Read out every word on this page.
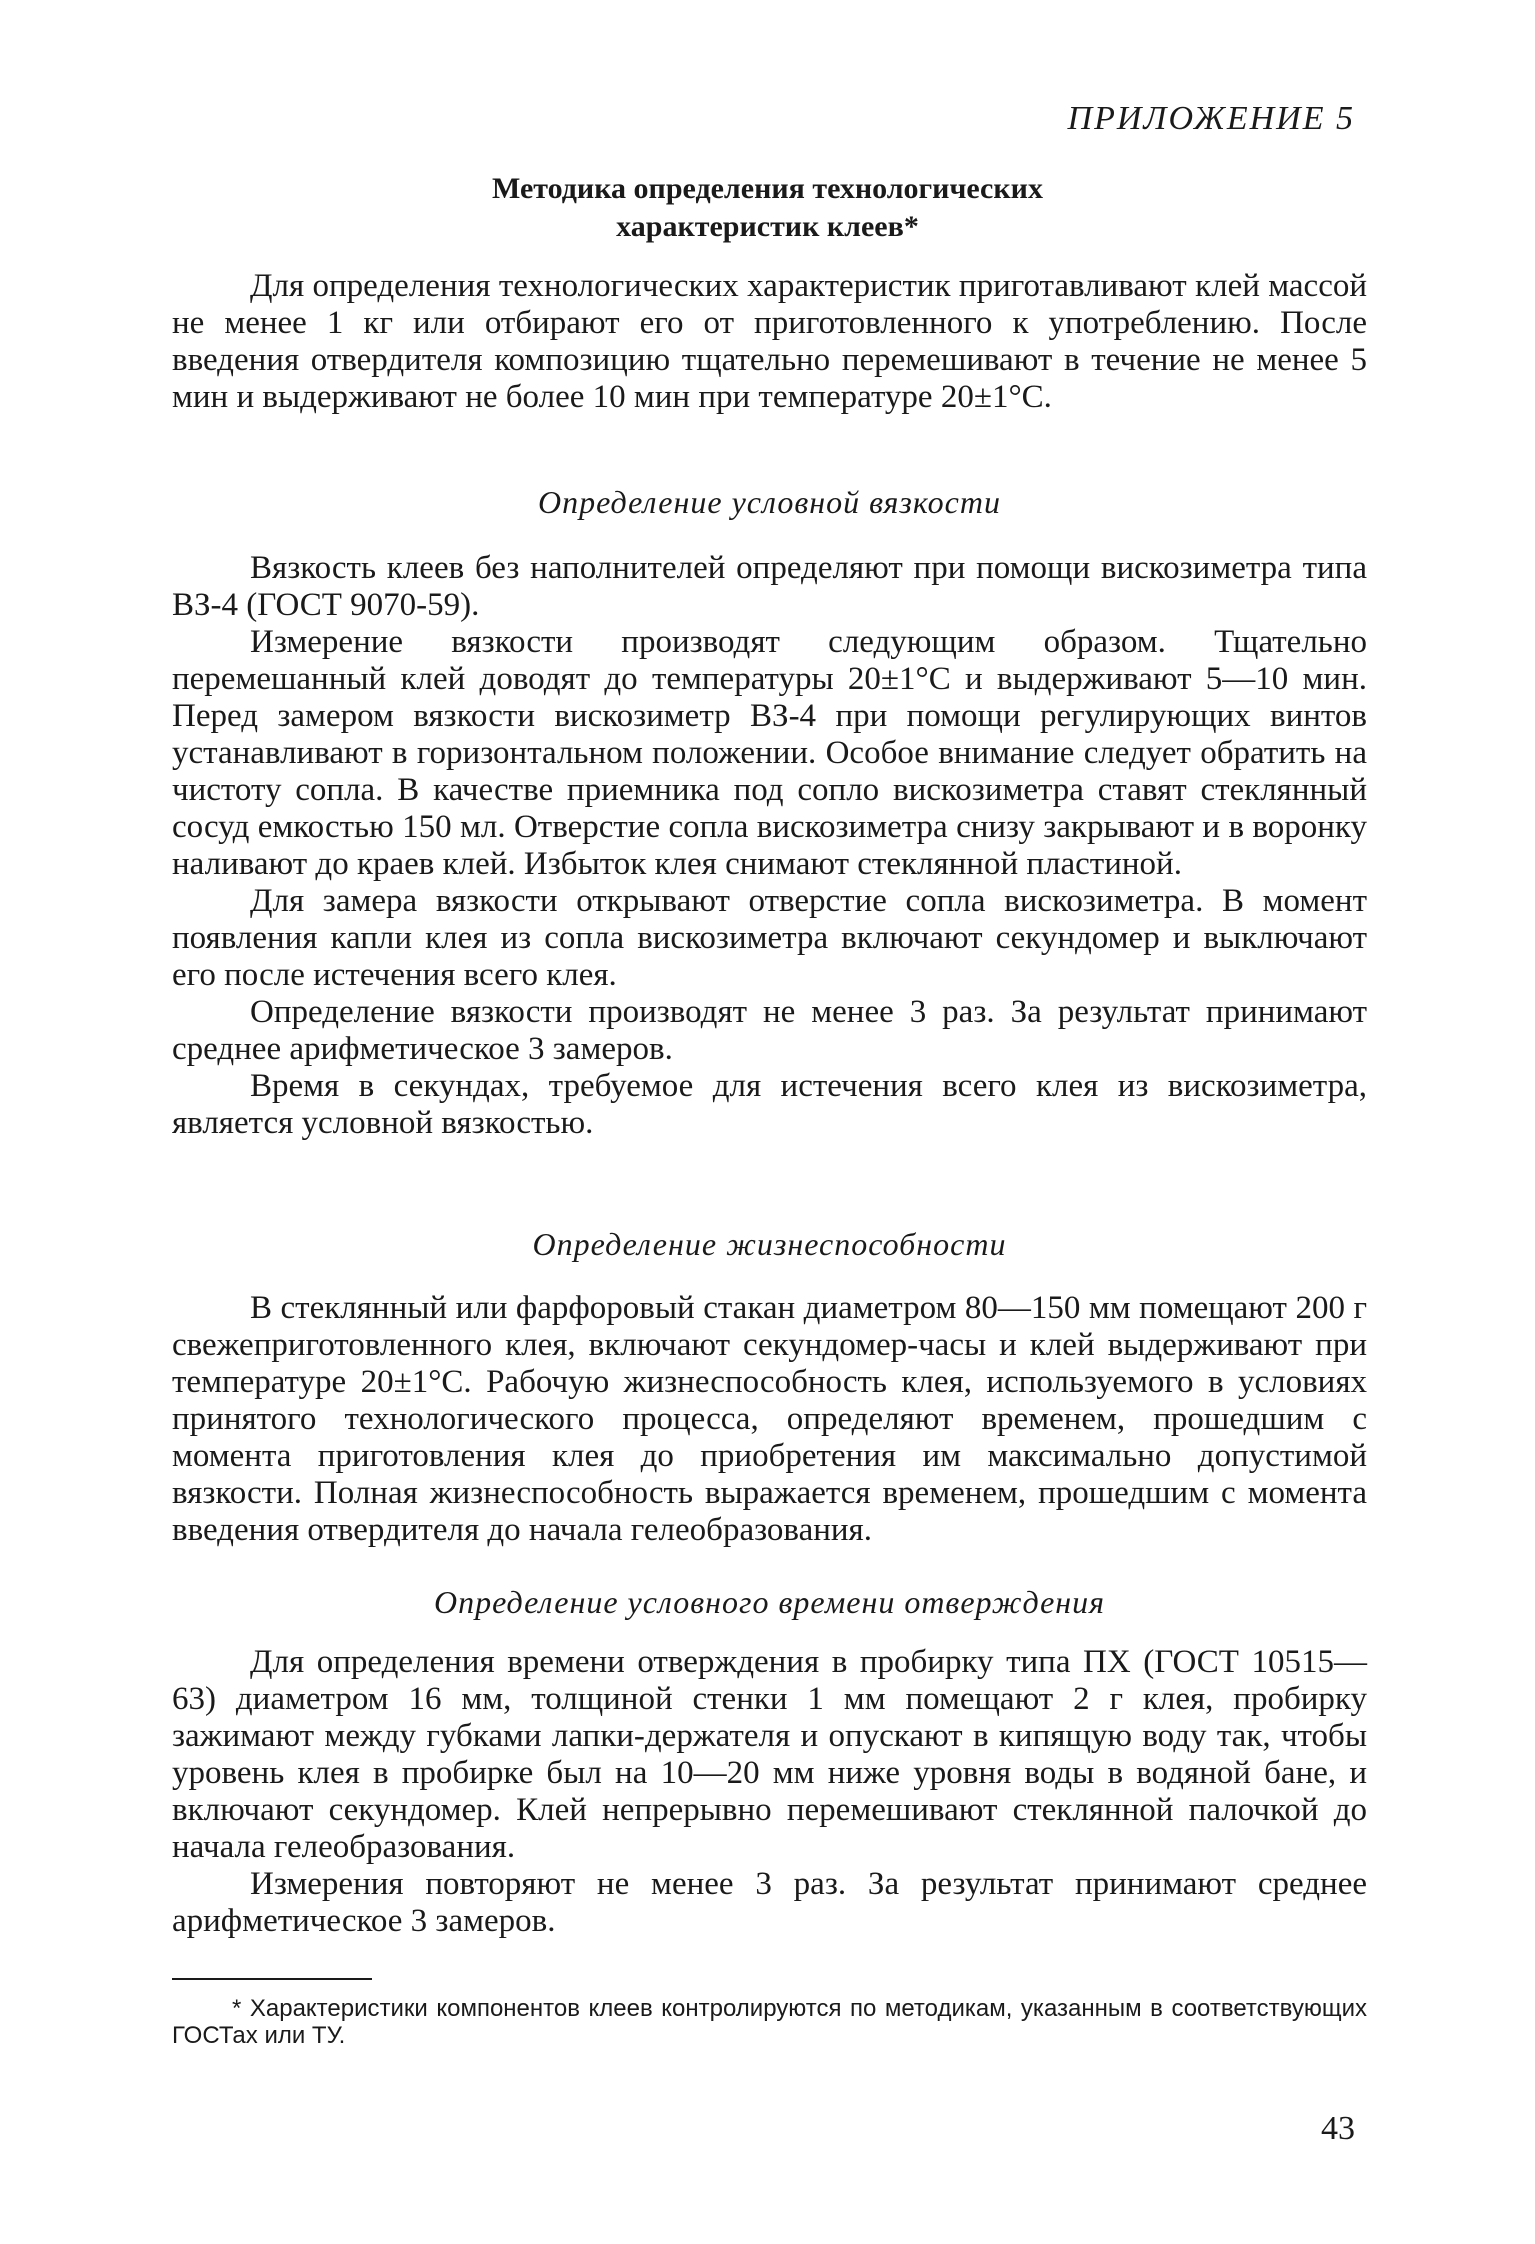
ПРИЛОЖЕНИЕ 5
Методика определения технологических
характеристик клеев*

Для определения технологических характеристик приготавливают клей массой не менее 1 кг или отбирают его от приготовленного к употреблению. После введения отвердителя композицию тщательно перемешивают в течение не менее 5 мин и выдерживают не более 10 мин при температуре 20±1°С.

Определение условной вязкости

Вязкость клеев без наполнителей определяют при помощи вискозиметра типа ВЗ-4 (ГОСТ 9070-59).

Измерение вязкости производят следующим образом. Тщательно перемешанный клей доводят до температуры 20±1°С и выдерживают 5—10 мин. Перед замером вязкости вискозиметр ВЗ-4 при помощи регулирующих винтов устанавливают в горизонтальном положении. Особое внимание следует обратить на чистоту сопла. В качестве приемника под сопло вискозиметра ставят стеклянный сосуд емкостью 150 мл. Отверстие сопла вискозиметра снизу закрывают и в воронку наливают до краев клей. Избыток клея снимают стеклянной пластиной.

Для замера вязкости открывают отверстие сопла вискозиметра. В момент появления капли клея из сопла вискозиметра включают секундомер и выключают его после истечения всего клея.

Определение вязкости производят не менее 3 раз. За результат принимают среднее арифметическое 3 замеров.

Время в секундах, требуемое для истечения всего клея из вискозиметра, является условной вязкостью.

Определение жизнеспособности

В стеклянный или фарфоровый стакан диаметром 80—150 мм помещают 200 г свежеприготовленного клея, включают секундомер-часы и клей выдерживают при температуре 20±1°С. Рабочую жизнеспособность клея, используемого в условиях принятого технологического процесса, определяют временем, прошедшим с момента приготовления клея до приобретения им максимально допустимой вязкости. Полная жизнеспособность выражается временем, прошедшим с момента введения отвердителя до начала гелеобразования.

Определение условного времени отверждения

Для определения времени отверждения в пробирку типа ПХ (ГОСТ 10515—63) диаметром 16 мм, толщиной стенки 1 мм помещают 2 г клея, пробирку зажимают между губками лапки-держателя и опускают в кипящую воду так, чтобы уровень клея в пробирке был на 10—20 мм ниже уровня воды в водяной бане, и включают секундомер. Клей непрерывно перемешивают стеклянной палочкой до начала гелеобразования.

Измерения повторяют не менее 3 раз. За результат принимают среднее арифметическое 3 замеров.

* Характеристики компонентов клеев контролируются по методикам, указанным в соответствующих ГОСТах или ТУ.

43
